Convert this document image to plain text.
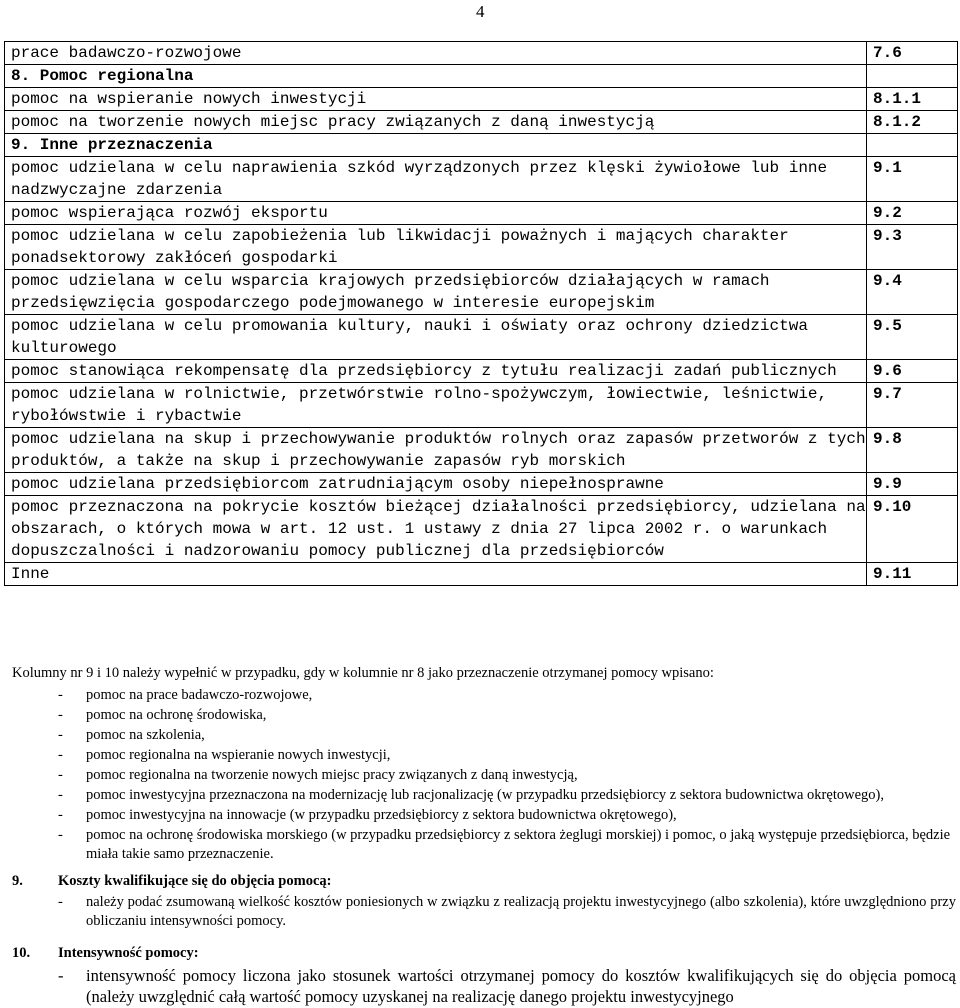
4
prace badawczo-rozwojowe	7.6
8. Pomoc regionalna	
pomoc na wspieranie nowych inwestycji	8.1.1
pomoc na tworzenie nowych miejsc pracy związanych z daną inwestycją	8.1.2
9. Inne przeznaczenia	
pomoc udzielana w celu naprawienia szkód wyrządzonych przez klęski żywiołowe lub inne nadzwyczajne zdarzenia	9.1
pomoc wspierająca rozwój eksportu	9.2
pomoc udzielana w celu zapobieżenia lub likwidacji poważnych i mających charakter ponadsektorowy zakłóceń gospodarki	9.3
pomoc udzielana w celu wsparcia krajowych przedsiębiorców działających w ramach przedsięwzięcia gospodarczego podejmowanego w interesie europejskim	9.4
pomoc udzielana w celu promowania kultury, nauki i oświaty oraz ochrony dziedzictwa kulturowego	9.5
pomoc stanowiąca rekompensatę dla przedsiębiorcy z tytułu realizacji zadań publicznych	9.6
pomoc udzielana w rolnictwie, przetwórstwie rolno-spożywczym, łowiectwie, leśnictwie, rybołówstwie i rybactwie	9.7
pomoc udzielana na skup i przechowywanie produktów rolnych oraz zapasów przetworów z tych produktów, a także na skup i przechowywanie zapasów ryb morskich	9.8
pomoc udzielana przedsiębiorcom zatrudniającym osoby niepełnosprawne	9.9
pomoc przeznaczona na pokrycie kosztów bieżącej działalności przedsiębiorcy, udzielana na obszarach, o których mowa w art. 12 ust. 1 ustawy z dnia 27 lipca 2002 r. o warunkach dopuszczalności i nadzorowaniu pomocy publicznej dla przedsiębiorców	9.10
Inne	9.11

Kolumny nr 9 i 10 należy wypełnić w przypadku, gdy w kolumnie nr 8 jako przeznaczenie otrzymanej pomocy wpisano:

- pomoc na prace badawczo-rozwojowe,
- pomoc na ochronę środowiska,
- pomoc na szkolenia,
- pomoc regionalna na wspieranie nowych inwestycji,
- pomoc regionalna na tworzenie nowych miejsc pracy związanych z daną inwestycją,
- pomoc inwestycyjna przeznaczona na modernizację lub racjonalizację (w przypadku przedsiębiorcy z sektora budownictwa okrętowego),
- pomoc inwestycyjna na innowacje (w przypadku przedsiębiorcy z sektora budownictwa okrętowego),
- pomoc na ochronę środowiska morskiego (w przypadku przedsiębiorcy z sektora żeglugi morskiej) i pomoc, o jaką występuje przedsiębiorca, będzie miała takie samo przeznaczenie.
9. Koszty kwalifikujące się do objęcia pomocą:
-	należy podać zsumowaną wielkość kosztów poniesionych w związku z realizacją projektu inwestycyjnego (albo szkolenia), które uwzględniono przy obliczaniu intensywności pomocy.
10. Intensywność pomocy:
-	intensywność pomocy liczona jako stosunek wartości otrzymanej pomocy do kosztów kwalifikujących się do objęcia pomocą (należy uwzględnić całą wartość pomocy uzyskanej na realizację danego projektu inwestycyjnego
